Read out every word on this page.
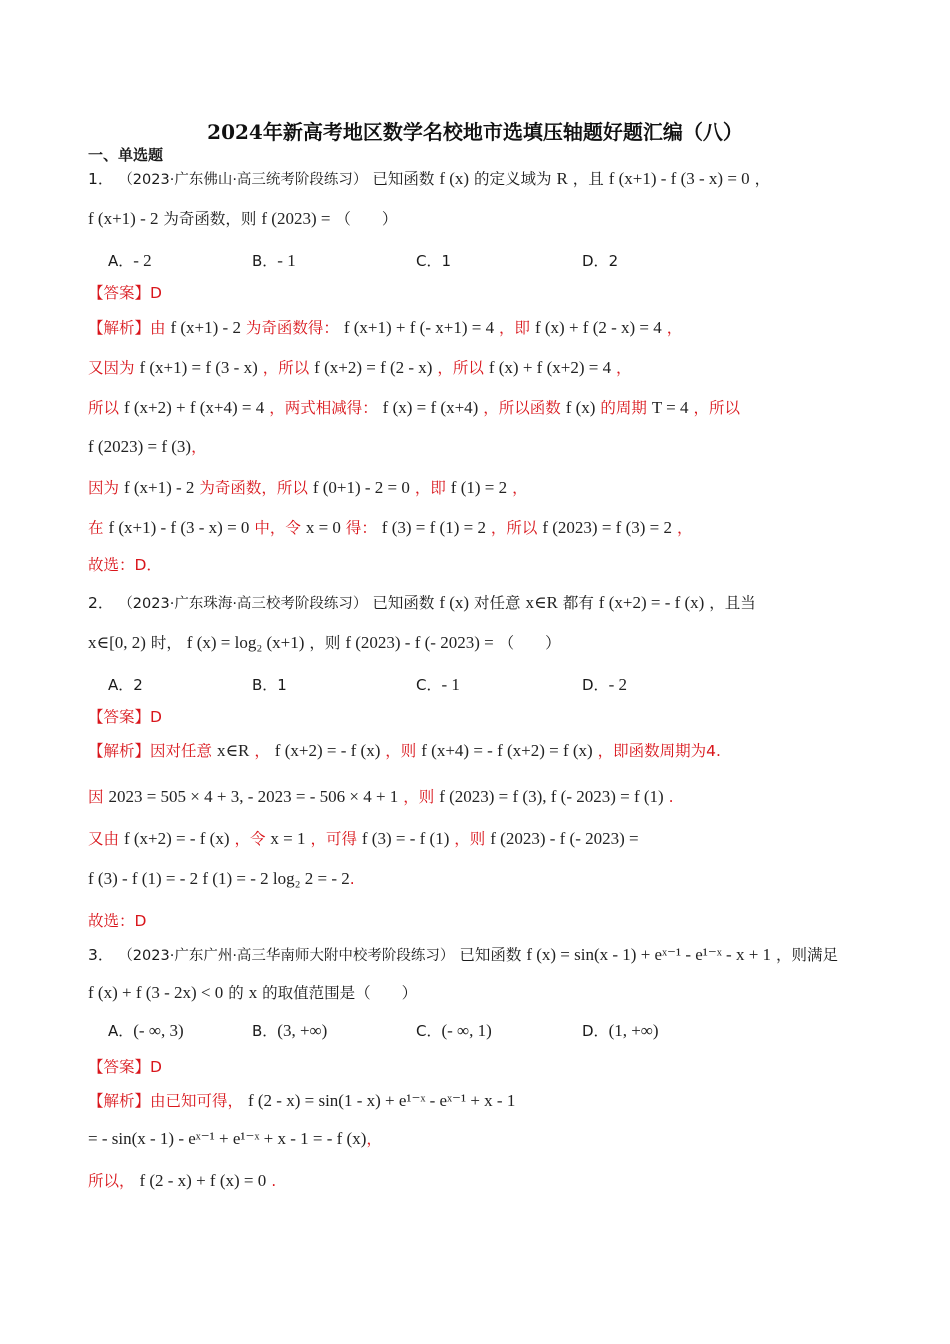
2024年新高考地区数学名校地市选填压轴题好题汇编（八）
一、单选题
1． （2023·广东佛山·高三统考阶段练习） 已知函数 f (x) 的定义域为 R ，且 f (x+1) - f (3 - x) = 0 ，
f (x+1) - 2 为奇函数，则 f (2023) = （　　）
A．- 2	B．- 1	C．1	D．2
【答案】D
【解析】由 f (x+1) - 2 为奇函数得： f (x+1) + f (- x+1) = 4 ，即 f (x) + f (2 - x) = 4 ，
又因为 f (x+1) = f (3 - x) ，所以 f (x+2) = f (2 - x) ，所以 f (x) + f (x+2) = 4 ，
所以 f (x+2) + f (x+4) = 4 ，两式相减得： f (x) = f (x+4) ，所以函数 f (x) 的周期 T = 4 ，所以
f (2023) = f (3)，
因为 f (x+1) - 2 为奇函数，所以 f (0+1) - 2 = 0 ，即 f (1) = 2 ，
在 f (x+1) - f (3 - x) = 0 中，令 x = 0 得： f (3) = f (1) = 2 ，所以 f (2023) = f (3) = 2 ，
故选：D．
2． （2023·广东珠海·高三校考阶段练习） 已知函数 f (x) 对任意 x∈R 都有 f (x+2) = - f (x) ，且当
x∈[0, 2) 时， f (x) = log₂ (x+1) ，则 f (2023) - f (- 2023) = （　　）
A．2	B．1	C．- 1	D．- 2
【答案】D
【解析】因对任意 x∈R ， f (x+2) = - f (x) ，则 f (x+4) = - f (x+2) = f (x) ，即函数周期为4.
因 2023 = 505 × 4 + 3, - 2023 = - 506 × 4 + 1 ，则 f (2023) = f (3), f (- 2023) = f (1) .
又由 f (x+2) = - f (x) ，令 x = 1 ，可得 f (3) = - f (1) ，则 f (2023) - f (- 2023) =
f (3) - f (1) = - 2 f (1) = - 2 log₂ 2 = - 2.
故选：D
3． （2023·广东广州·高三华南师大附中校考阶段练习） 已知函数 f (x) = sin(x - 1) + eˣ⁻¹ - e¹⁻ˣ - x + 1 ，则满足
f (x) + f (3 - 2x) < 0 的 x 的取值范围是（　　）
A．(- ∞, 3)	B．(3, +∞)	C．(- ∞, 1)	D．(1, +∞)
【答案】D
【解析】由已知可得， f (2 - x) = sin(1 - x) + e¹⁻ˣ - eˣ⁻¹ + x - 1
= - sin(x - 1) - eˣ⁻¹ + e¹⁻ˣ + x - 1 = - f (x)，
所以， f (2 - x) + f (x) = 0 .
